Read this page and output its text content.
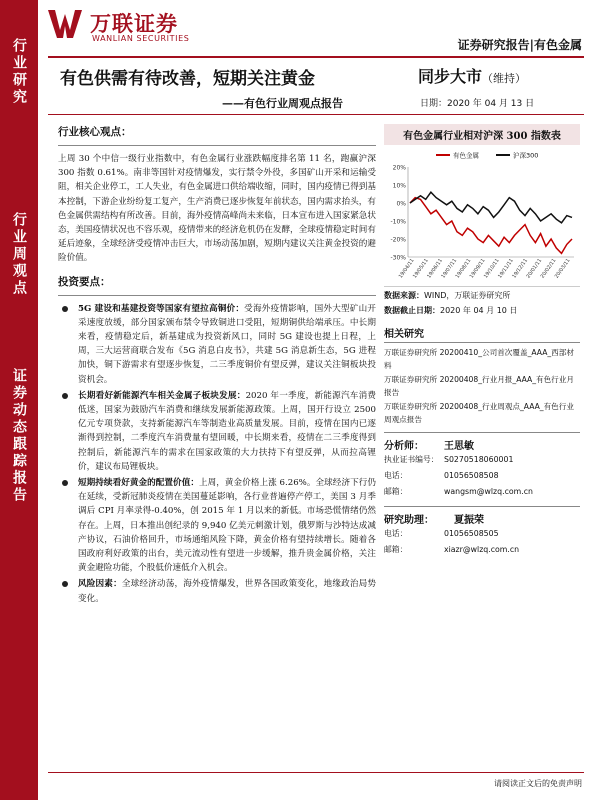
行业研究
行业周观点
证券动态跟踪报告
万联证券
WANLIAN SECURITIES	证券研究报告|有色金属
有色供需有待改善，短期关注黄金
——有色行业周观点报告
同步大市（维持）
日期：2020 年 04 月 13 日
行业核心观点：

上周 30 个中信一级行业指数中，有色金属行业涨跌幅度排名第 11 名，跑赢沪深 300 指数 0.61%。南非等国针对疫情爆发，实行禁令外役，多国矿山开采和运输受阻，相关企业停工，工人失业，有色金属进口供给端收缩，同时，国内疫情已得到基本控制，下游企业纷纷复工复产，生产消费已逐步恢复年前状态，国内需求抬头，有色金属供需结构有所改善。目前，海外疫情高峰尚未来临，日本宣布进入国家紧急状态，美国疫情状况也不容乐观，疫情带来的经济危机仍在发酵，全球疫情稳定时间有延后迹象，全球经济受疫情冲击巨大，市场动荡加剧，短期内建议关注黄金投资的避险价值。

投资要点：
5G 建设和基建投资等国家有望拉高铜价：受海外疫情影响，国外大型矿山开采速度放缓，部分国家颁布禁令导致铜进口受阻，短期铜供给端承压。中长期来看，疫情稳定后，新基建成为投资新风口，同时 5G 建设也提上日程，上周，三大运营商联合发布《5G 消息白皮书》，共建 5G 消息新生态，5G 进程加快，铜下游需求有望逐步恢复，二三季度铜价有望反弹，建议关注铜板块投资机会。
长期看好新能源汽车相关金属子板块发展：2020 年一季度，新能源汽车消费低迷，国家为鼓励汽车消费和继续发展新能源政策。上周，国开行设立 2500 亿元专项贷款，支持新能源汽车等制造业高质量发展。目前，疫情在国内已逐渐得到控制，二季度汽车消费量有望回暖，中长期来看，疫情在二三季度得到控制后，新能源汽车的需求在国家政策的大力扶持下有望反弹，从而拉高锂价，建议布局锂板块。
短期持续看好黄金的配置价值：上周，黄金价格上涨 6.26%。全球经济下行仍在延续，受新冠肺炎疫情在美国蔓延影响，各行业普遍停产停工，美国 3 月季调后 CPI 月率录得-0.40%，创 2015 年 1 月以来的新低。市场恐慌情绪仍然存在。上周，日本推出创纪录的 9,940 亿美元刺激计划，俄罗斯与沙特达成减产协议，石油价格回升，市场通缩风险下降，黄金价格有望持续增长。随着各国政府利好政策的出台，美元流动性有望进一步缓解，推升贵金属价格，关注黄金避险功能，个股低价速低介入机会。
风险因素：全球经济动荡，海外疫情爆发，世界各国政策变化，地缘政治局势变化。
有色金属行业相对沪深 300 指数表
20%
10%
0%
-10%
-20%
-30%
19/04/11
19/05/11
19/06/11
19/07/11
19/08/11
19/09/11
19/10/11
19/11/11
19/12/11
20/01/11
20/02/11
20/03/11
有色金属	沪深300
数据来源：WIND，万联证券研究所
数据截止日期：2020 年 04 月 10 日
相关研究

万联证券研究所 20200410_公司首次覆盖_AAA_西部材料

万联证券研究所 20200408_行业月报_AAA_有色行业月报告

万联证券研究所 20200408_行业周观点_AAA_有色行业周观点报告

分析师： 王思敏
执业证书编号： S0270518060001
电话：	01056508508
邮箱：	wangsm@wlzq.com.cn
研究助理： 夏振荣
电话：	01056508505
邮箱：	xiazr@wlzq.com.cn
请阅读正文后的免责声明
